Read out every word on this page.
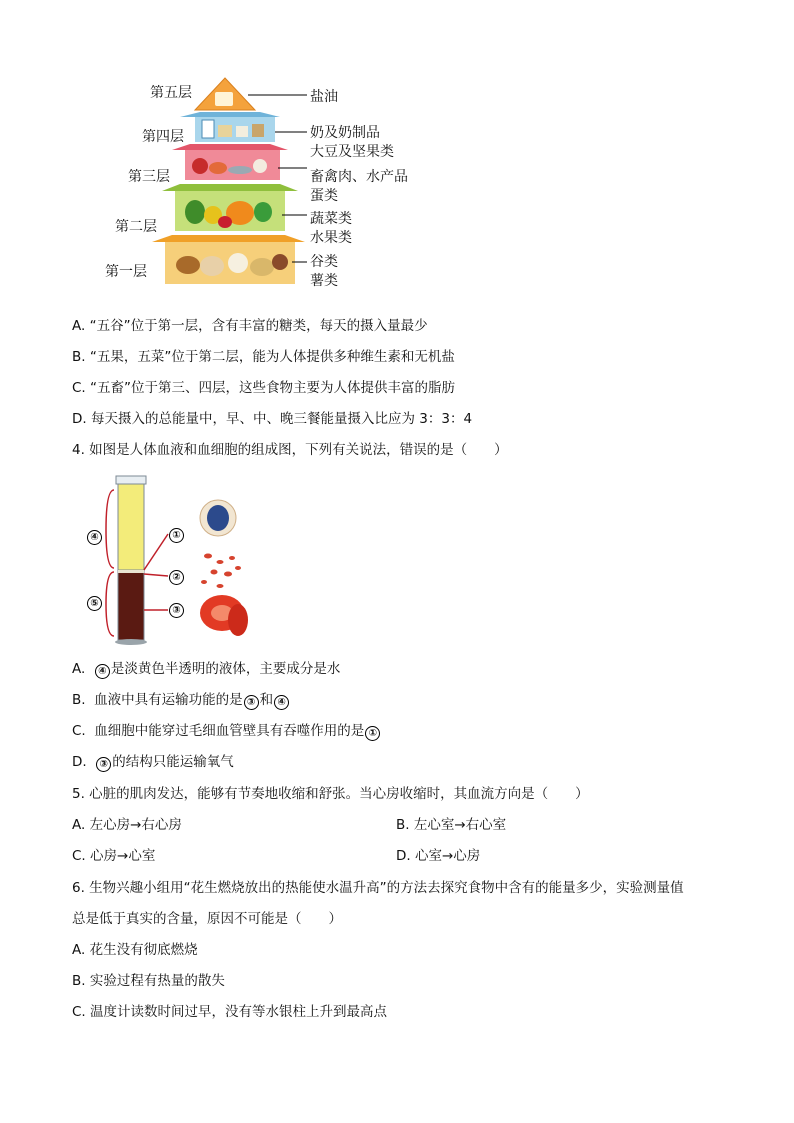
第五层
第四层
第三层
第二层
第一层
盐油
奶及奶制品
大豆及坚果类
畜禽肉、水产品
蛋类
蔬菜类
水果类
谷类
薯类
A. “五谷”位于第一层，含有丰富的糖类，每天的摄入量最少
B. “五果，五菜”位于第二层，能为人体提供多种维生素和无机盐
C. “五畜”位于第三、四层，这些食物主要为人体提供丰富的脂肪
D. 每天摄入的总能量中，早、中、晚三餐能量摄入比应为 3：3：4
4. 如图是人体血液和血细胞的组成图，下列有关说法，错误的是（　　）
④
⑤
①
②
③
A.  ④ 是淡黄色半透明的液体，主要成分是水
B.  血液中具有运输功能的是 ③ 和 ④
C.  血细胞中能穿过毛细血管壁具有吞噬作用的是 ①
D.  ③ 的结构只能运输氧气
5. 心脏的肌肉发达，能够有节奏地收缩和舒张。当心房收缩时，其血流方向是（　　）
A. 左心房→右心房	B. 左心室→右心室
C. 心房→心室	D. 心室→心房
6. 生物兴趣小组用“花生燃烧放出的热能使水温升高”的方法去探究食物中含有的能量多少，实验测量值
总是低于真实的含量，原因不可能是（　　）
A. 花生没有彻底燃烧
B. 实验过程有热量的散失
C. 温度计读数时间过早，没有等水银柱上升到最高点
